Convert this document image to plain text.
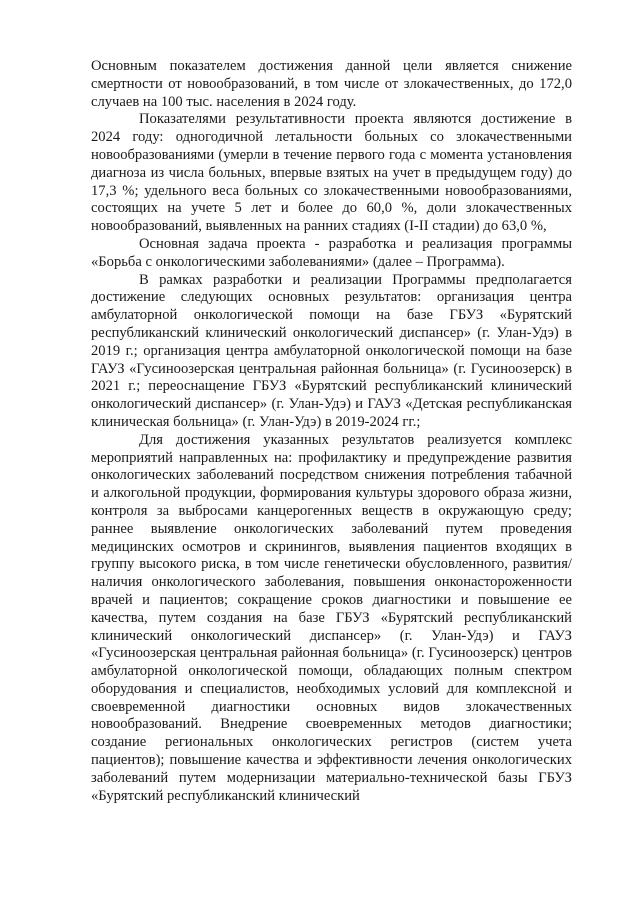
Основным показателем достижения данной цели является снижение смертности от новообразований, в том числе от злокачественных, до 172,0 случаев на 100 тыс. населения в 2024 году.

Показателями результативности проекта являются достижение в 2024 году: одногодичной летальности больных со злокачественными новообразованиями (умерли в течение первого года с момента установления диагноза из числа больных, впервые взятых на учет в предыдущем году) до 17,3 %; удельного веса больных со злокачественными новообразованиями, состоящих на учете 5 лет и более до 60,0 %, доли злокачественных новообразований, выявленных на ранних стадиях (I-II стадии) до 63,0 %,

Основная задача проекта - разработка и реализация программы «Борьба с онкологическими заболеваниями» (далее – Программа).

В рамках разработки и реализации Программы предполагается достижение следующих основных результатов: организация центра амбулаторной онкологической помощи на базе ГБУЗ «Бурятский республиканский клинический онкологический диспансер» (г. Улан-Удэ) в 2019 г.; организация центра амбулаторной онкологической помощи на базе ГАУЗ «Гусиноозерская центральная районная больница» (г. Гусиноозерск) в 2021 г.; переоснащение ГБУЗ «Бурятский республиканский клинический онкологический диспансер» (г. Улан-Удэ) и ГАУЗ «Детская республиканская клиническая больница» (г. Улан-Удэ) в 2019-2024 гг.;

Для достижения указанных результатов реализуется комплекс мероприятий направленных на: профилактику и предупреждение развития онкологических заболеваний посредством снижения потребления табачной и алкогольной продукции, формирования культуры здорового образа жизни, контроля за выбросами канцерогенных веществ в окружающую среду; раннее выявление онкологических заболеваний путем проведения медицинских осмотров и скринингов, выявления пациентов входящих в группу высокого риска, в том числе генетически обусловленного, развития/наличия онкологического заболевания, повышения онконастороженности врачей и пациентов; сокращение сроков диагностики и повышение ее качества, путем создания на базе ГБУЗ «Бурятский республиканский клинический онкологический диспансер» (г. Улан-Удэ) и ГАУЗ «Гусиноозерская центральная районная больница» (г. Гусиноозерск) центров амбулаторной онкологической помощи, обладающих полным спектром оборудования и специалистов, необходимых условий для комплексной и своевременной диагностики основных видов злокачественных новообразований. Внедрение своевременных методов диагностики; создание региональных онкологических регистров (систем учета пациентов); повышение качества и эффективности лечения онкологических заболеваний путем модернизации материально-технической базы ГБУЗ «Бурятский республиканский клинический
